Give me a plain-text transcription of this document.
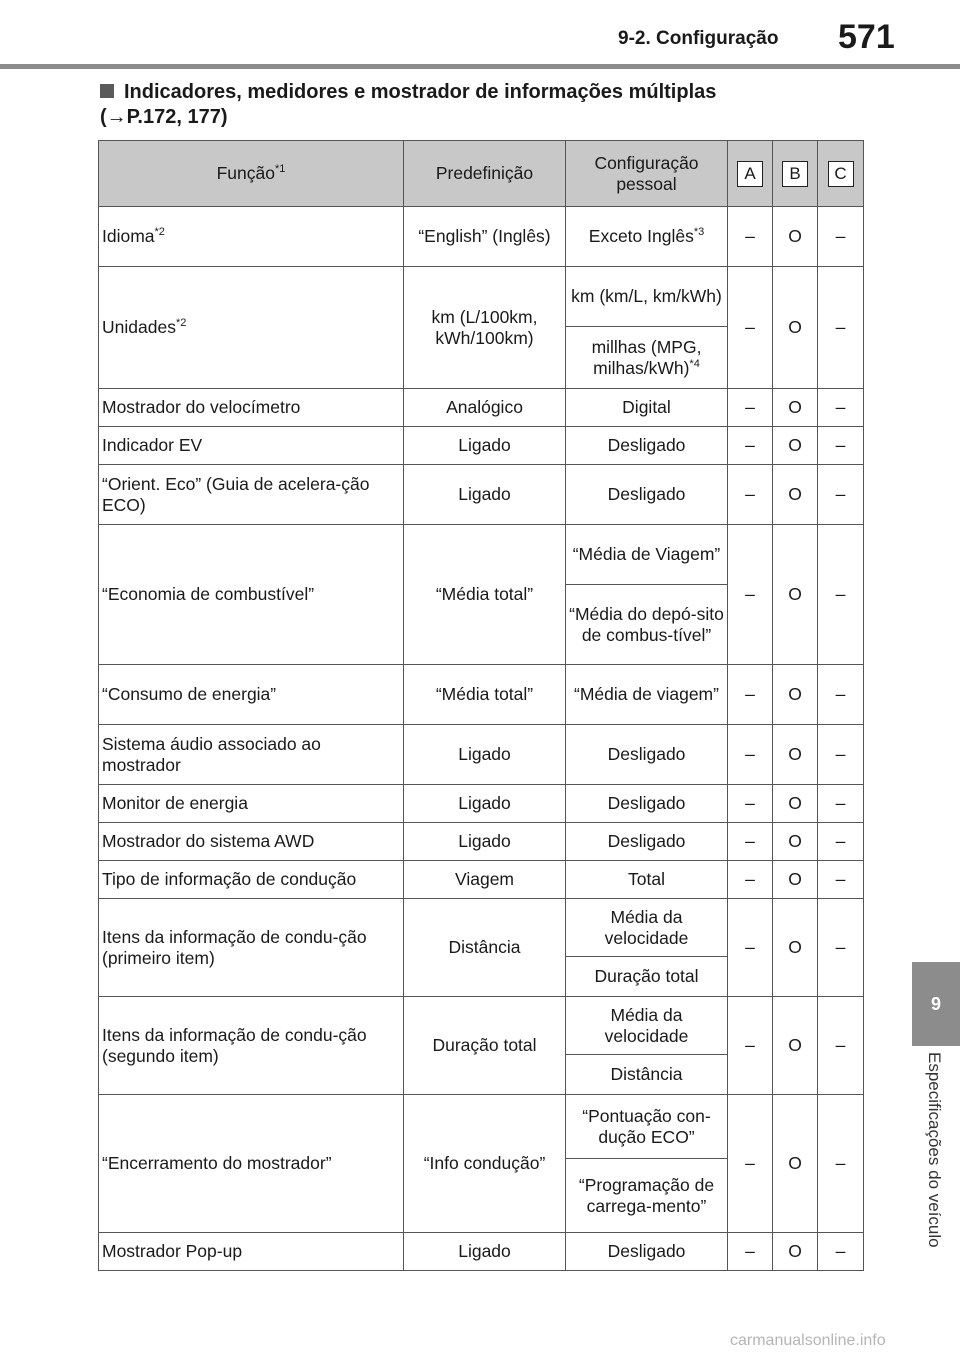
9-2. Configuração 571
Indicadores, medidores e mostrador de informações múltiplas
(→P.172, 177)
Função$^{*1}$	Predefinição	Configuração pessoal	A	B	C
Idioma$^{*2}$	“English” (Inglês)	Exceto Inglês$^{*3}$	–	O	–
Unidades$^{*2}$	km (L/100km, kWh/100km)	km (km/L, km/kWh)	–	O	–
		millhas (MPG, milhas/kWh)$^{*4}$
Mostrador do velocímetro	Analógico	Digital	–	O	–
Indicador EV	Ligado	Desligado	–	O	–
“Orient. Eco” (Guia de acelera-ção ECO)	Ligado	Desligado	–	O	–
“Economia de combustível”	“Média total”	“Média de Viagem”	–	O	–
		“Média do depó-sito de combus-tível”			
“Consumo de energia”	“Média total”	“Média de viagem”	–	O	–
Sistema áudio associado ao mostrador	Ligado	Desligado	–	O	–
Monitor de energia	Ligado	Desligado	–	O	–
Mostrador do sistema AWD	Ligado	Desligado	–	O	–
Tipo de informação de condução	Viagem	Total	–	O	–
Itens da informação de condu-ção (primeiro item)	Distância	Média da velocidade	–	O	–
		Duração total			
Itens da informação de condu-ção (segundo item)	Duração total	Média da velocidade	–	O	–
		Distância			
“Encerramento do mostrador”	“Info condução”	“Pontuação con-dução ECO”	–	O	–
		“Programação de carrega-mento”			
Mostrador Pop-up	Ligado	Desligado	–	O	–
9
Especificações do veículo
carmanualsonline.info
